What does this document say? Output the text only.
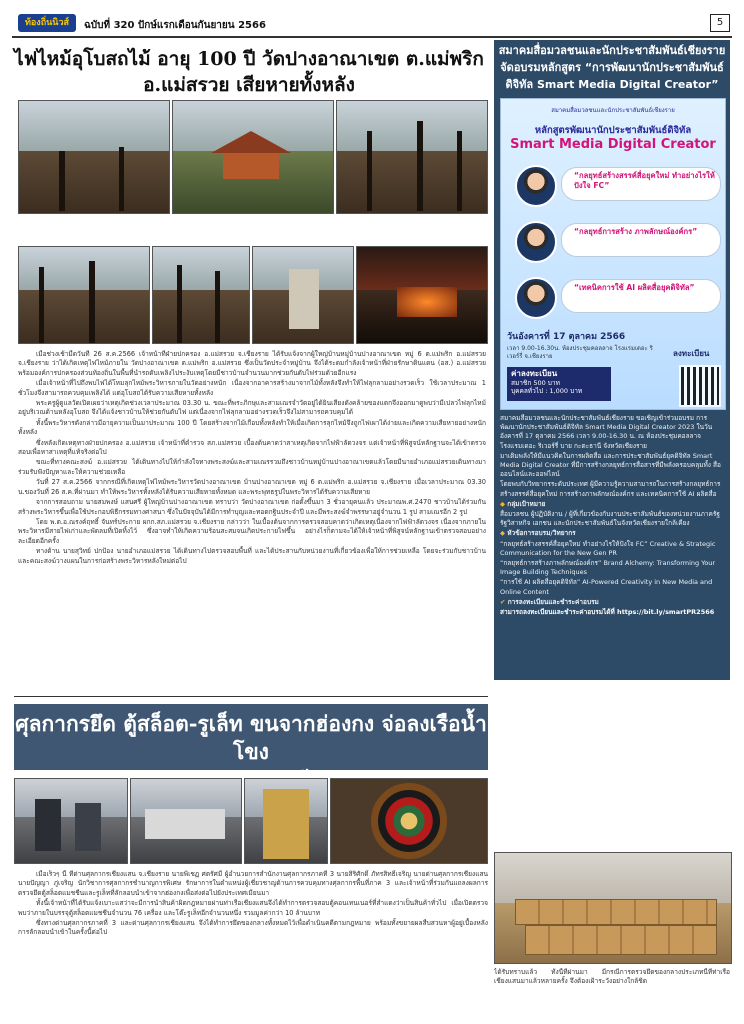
ท้องถิ่นนิวส์	ฉบับที่ 320 ปักษ์แรกเดือนกันยายน 2566	5
ไฟไหม้อุโบสถไม้ อายุ 100 ปี วัดปางอาณาเขต ต.แม่พริก
อ.แม่สรวย เสียหายทั้งหลัง

เมื่อช่วงเช้ามืดวันที่ 26 ส.ค.2566 เจ้าหน้าที่ฝ่ายปกครอง อ.แม่สรวย จ.เชียงราย ได้รับแจ้งจากผู้ใหญ่บ้านหมู่บ้านปางอาณาเขต หมู่ 6 ต.แม่พริก อ.แม่สรวย จ.เชียงราย ว่าได้เกิดเหตุไฟไหม้ภายใน วัดปางอาณาเขต ต.แม่พริก อ.แม่สรวย ซึ่งเป็นวัดประจำหมู่บ้าน จึงได้ระดมกำลังเจ้าหน้าที่ฝ่ายรักษาดินแดน (อส.) อ.แม่สรวย พร้อมองค์การปกครองส่วนท้องถิ่นในพื้นที่นำรถดับเพลิงไประงับเหตุโดยมีชาวบ้านจำนวนมากช่วยกันดับไฟร่วมด้วยอีกแรง

เมื่อเจ้าหน้าที่ไปถึงพบไฟได้โหมลุกไหม้พระวิหารภายในวัดอย่างหนัก เนื่องจากอาคารสร้างมาจากไม้ทั้งหลังจึงทำให้ไฟลุกลามอย่างรวดเร็ว ใช้เวลาประมาณ 1 ชั่วโมงจึงสามารถควบคุมเพลิงได้ แต่อุโบสถได้รับความเสียหายทั้งหลัง

พระครูผู้ดูแลวัดเปิดเผยว่าเหตุเกิดช่วงเวลาประมาณ 03.30 น. ขณะที่พระภิกษุและสามเณรจำวัดอยู่ได้ยินเสียงดังคล้ายของแตกจึงออกมาดูพบว่ามีเปลวไฟลุกไหม้อยู่บริเวณด้านหลังอุโบสถ จึงได้แจ้งชาวบ้านให้ช่วยกันดับไฟ แต่เนื่องจากไฟลุกลามอย่างรวดเร็วจึงไม่สามารถควบคุมได้

ทั้งนี้พระวิหารดังกล่าวมีอายุความเป็นมาประมาณ 100 ปี โดยสร้างจากไม้เกือบทั้งหลังทำให้เมื่อเกิดการลุกไหม้จึงถูกไฟเผาได้ง่ายและเกิดความเสียหายอย่างหนักทั้งหลัง

ซึ่งหลังเกิดเหตุทางฝ่ายปกครอง อ.แม่สรวย เจ้าหน้าที่ตำรวจ สภ.แม่สรวย เบื้องต้นคาดว่าสาเหตุเกิดจากไฟฟ้าลัดวงจร แต่เจ้าหน้าที่พิสูจน์หลักฐานจะได้เข้าตรวจสอบเพื่อหาสาเหตุที่แท้จริงต่อไป

ขณะที่ทางคณะสงฆ์ อ.แม่สรวย ได้เดินทางไปให้กำลังใจทางพระสงฆ์และสามเณรรวมถึงชาวบ้านหมู่บ้านปางอาณาเขตแล้วโดยมีนายอำเภอแม่สรวยเดินทางมาร่วมรับฟังปัญหาและให้ความช่วยเหลือ

วันที่ 27 ส.ค.2566 จากกรณีที่เกิดเหตุไฟไหม้พระวิหารวัดปางอาณาเขต บ้านปางอาณาเขต หมู่ 6 ต.แม่พริก อ.แม่สรวย จ.เชียงราย เมื่อเวลาประมาณ 03.30 น.ของวันที่ 26 ส.ค.ที่ผ่านมา ทำให้พระวิหารทั้งหลังได้รับความเสียหายทั้งหมด และพระพุทธรูปในพระวิหารได้รับความเสียหาย

จากการสอบถาม นายสมพงษ์ แสนศรี ผู้ใหญ่บ้านปางอาณาเขต ทราบว่า วัดปางอาณาเขต ก่อตั้งขึ้นมา 3 ชั่วอายุคนแล้ว ประมาณพ.ศ.2470 ชาวบ้านได้ร่วมกันสร้างพระวิหารขึ้นเพื่อใช้ประกอบพิธีกรรมทางศาสนา ซึ่งในปัจจุบันได้มีการทำบุญและทอดกฐินประจำปี และมีพระสงฆ์จำพรรษาอยู่จำนวน 1 รูป สามเณรอีก 2 รูป

โดย พ.ต.อ.ณรงค์ฤทธิ์ จันทร์ประกาย ผกก.สภ.แม่สรวย จ.เชียงราย กล่าวว่า ในเบื้องต้นจากการตรวจสอบคาดว่าเกิดเหตุเนื่องจากไฟฟ้าลัดวงจร เนื่องจากภายในพระวิหารมีสายไฟเก่าและพัดลมที่เปิดทิ้งไว้ ซึ่งอาจทำให้เกิดความร้อนสะสมจนเกิดประกายไฟขึ้น อย่างไรก็ตามจะได้ให้เจ้าหน้าที่พิสูจน์หลักฐานเข้าตรวจสอบอย่างละเอียดอีกครั้ง

ทางด้าน นายสุวิทย์ ปกป้อง นายอำเภอแม่สรวย ได้เดินทางไปตรวจสอบพื้นที่ และได้ประสานกับหน่วยงานที่เกี่ยวข้องเพื่อให้การช่วยเหลือ โดยจะร่วมกับชาวบ้านและคณะสงฆ์วางแผนในการก่อสร้างพระวิหารหลังใหม่ต่อไป

ศุลกากรยึด ตู้สล็อต-รูเล็ท ขนจากฮ่องกง จ่อลงเรือน้ำโขง

เมื่อเร็วๆ นี้ ที่ด่านศุลกากรเชียงแสน จ.เชียงราย นายพิเชฏ ศตรัศมี ผู้อำนวยการสำนักงานศุลกากรภาคที่ 3 นายสิริศักดิ์ ภัทรสิทธิ์เจริญ นายด่านศุลกากรเชียงแสน นายปัญญา ภู่เจริญ นักวิชาการศุลกากรชำนาญการพิเศษ รักษาการในตำแหน่งผู้เชี่ยวชาญด้านการควบคุมทางศุลกากรพื้นที่ภาค 3 และเจ้าหน้าที่ร่วมกันแถลงผลการตรวจยึดตู้สล็อตแมชชีนและรูเล็ทที่ลักลอบนำเข้าจากฮ่องกงเพื่อส่งต่อไปยังประเทศเมียนมา

ทั้งนี้เจ้าหน้าที่ได้รับแจ้งเบาะแสว่าจะมีการนำสินค้าผิดกฎหมายผ่านท่าเรือเชียงแสนจึงได้ทำการตรวจสอบตู้คอนเทนเนอร์ที่สำแดงว่าเป็นสินค้าทั่วไป เมื่อเปิดตรวจพบว่าภายในบรรจุตู้สล็อตแมชชีนจำนวน 76 เครื่อง และโต๊ะรูเล็ทอีกจำนวนหนึ่ง รวมมูลค่ากว่า 10 ล้านบาท

ซึ่งทางด่านศุลกากรภาคที่ 3 และด่านศุลกากรเชียงแสน จึงได้ทำการยึดของกลางทั้งหมดไว้เพื่อดำเนินคดีตามกฎหมาย พร้อมทั้งขยายผลสืบสวนหาผู้อยู่เบื้องหลังการลักลอบนำเข้าในครั้งนี้ต่อไป

สมาคมสื่อมวลชนและนักประชาสัมพันธ์เชียงราย
จัดอบรมหลักสูตร “การพัฒนานักประชาสัมพันธ์
ดิจิทัล Smart Media Digital Creator”
สมาคมสื่อมวลชนและนักประชาสัมพันธ์เชียงราย
หลักสูตรพัฒนานักประชาสัมพันธ์ดิจิทัล
Smart Media Digital Creator
“กลยุทธ์สร้างสรรค์สื่อยุคใหม่ ทำอย่างไรให้ปังใจ FC”
“กลยุทธ์การสร้าง ภาพลักษณ์องค์กร”
“เทคนิคการใช้ AI ผลิตสื่อยุคดิจิทัล”
วันอังคารที่ 17 ตุลาคม 2566
เวลา 9.00-16.30น. ห้องประชุมคอลลาจ โรงแรมเดอะ ริเวอร์รี่ จ.เชียงราย	ลงทะเบียน
ค่าลงทะเบียน
สมาชิก 500 บาท
บุคคลทั่วไป : 1,000 บาท

สมาคมสื่อมวลชนและนักประชาสัมพันธ์เชียงราย ขอเชิญเข้าร่วมอบรม การพัฒนานักประชาสัมพันธ์ดิจิทัล Smart Media Digital Creator 2023 ในวันอังคารที่ 17 ตุลาคม 2566 เวลา 9.00-16.30 น. ณ ห้องประชุมคอลลาจ โรงแรมเดอะ ริเวอร์รี่ บาย กะตะธานี จังหวัดเชียงราย

มาเติมพลังให้มีแนวคิดในการผลิตสื่อ และการประชาสัมพันธ์ยุคดิจิทัล Smart Media Digital Creator ที่มีการสร้างกลยุทธ์การสื่อสารที่มีพลังครอบคลุมทั้ง สื่อออนไลน์และออฟไลน์

โดยพบกับวิทยากรระดับประเทศ ผู้มีความรู้ความสามารถในการสร้างกลยุทธ์การสร้างสรรค์สื่อยุคใหม่ การสร้างภาพลักษณ์องค์กร และเทคนิคการใช้ AI ผลิตสื่อ

◆ กลุ่มเป้าหมาย

สื่อมวลชน ผู้ปฏิบัติงาน / ผู้ที่เกี่ยวข้องกับงานประชาสัมพันธ์ของหน่วยงานภาครัฐ รัฐวิสาหกิจ เอกชน และนักประชาสัมพันธ์ในจังหวัดเชียงรายใกล้เคียง

◆ หัวข้อการอบรม/วิทยากร

“กลยุทธ์สร้างสรรค์สื่อยุคใหม่ ทำอย่างไรให้ปังใจ FC” Creative & Strategic Communication for the New Gen PR

“กลยุทธ์การสร้างภาพลักษณ์องค์กร” Brand Alchemy: Transforming Your Image Building Techniques

“การใช้ AI ผลิตสื่อยุคดิจิทัล” AI-Powered Creativity in New Media and Online Content

✔ การลงทะเบียนและชำระค่าอบรม

สามารถลงทะเบียนและชำระค่าอบรมได้ที่ https://bit.ly/smartPR2566

ได้รับทราบแล้ว ทั้งนี้ที่ผ่านมา มีกรณีการตรวจยึดของกลางประเภทนี้ที่ท่าเรือเชียงแสนมาแล้วหลายครั้ง จึงต้องเฝ้าระวังอย่างใกล้ชิด
